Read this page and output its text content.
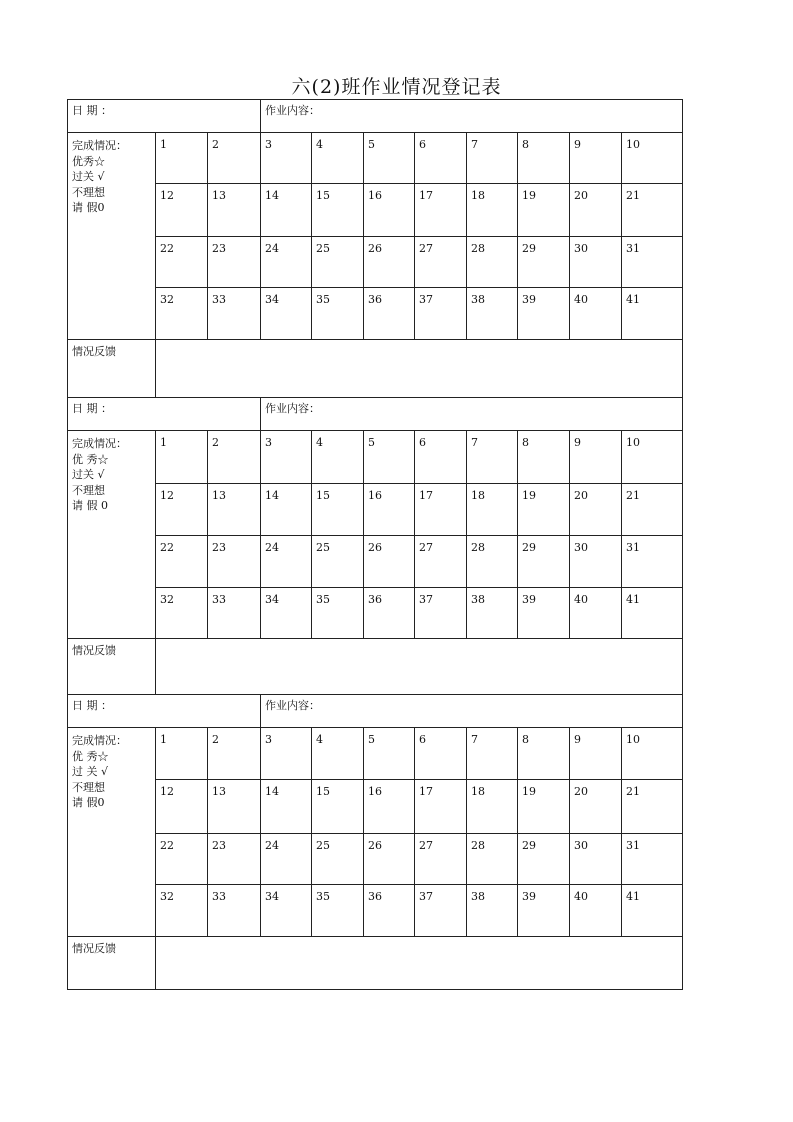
六(2)班作业情况登记表
日 期 ：			作业内容：							

完成情况：
优秀☆
过关 √
不理想
请 假0	1	2	3	4	5	6	7	8	9	10
	12	13	14	15	16	17	18	19	20	21
	22	23	24	25	26	27	28	29	30	31
	32	33	34	35	36	37	38	39	40	41
情况反馈										
日 期 ：			作业内容：							

完成情况：
优 秀☆
过关 √
不理想
请 假 0	1	2	3	4	5	6	7	8	9	10
	12	13	14	15	16	17	18	19	20	21
	22	23	24	25	26	27	28	29	30	31
	32	33	34	35	36	37	38	39	40	41
情况反馈										
日 期 ：			作业内容：							

完成情况：
优 秀☆
过 关 √
不理想
请 假0	1	2	3	4	5	6	7	8	9	10
	12	13	14	15	16	17	18	19	20	21
	22	23	24	25	26	27	28	29	30	31
	32	33	34	35	36	37	38	39	40	41
情况反馈										
